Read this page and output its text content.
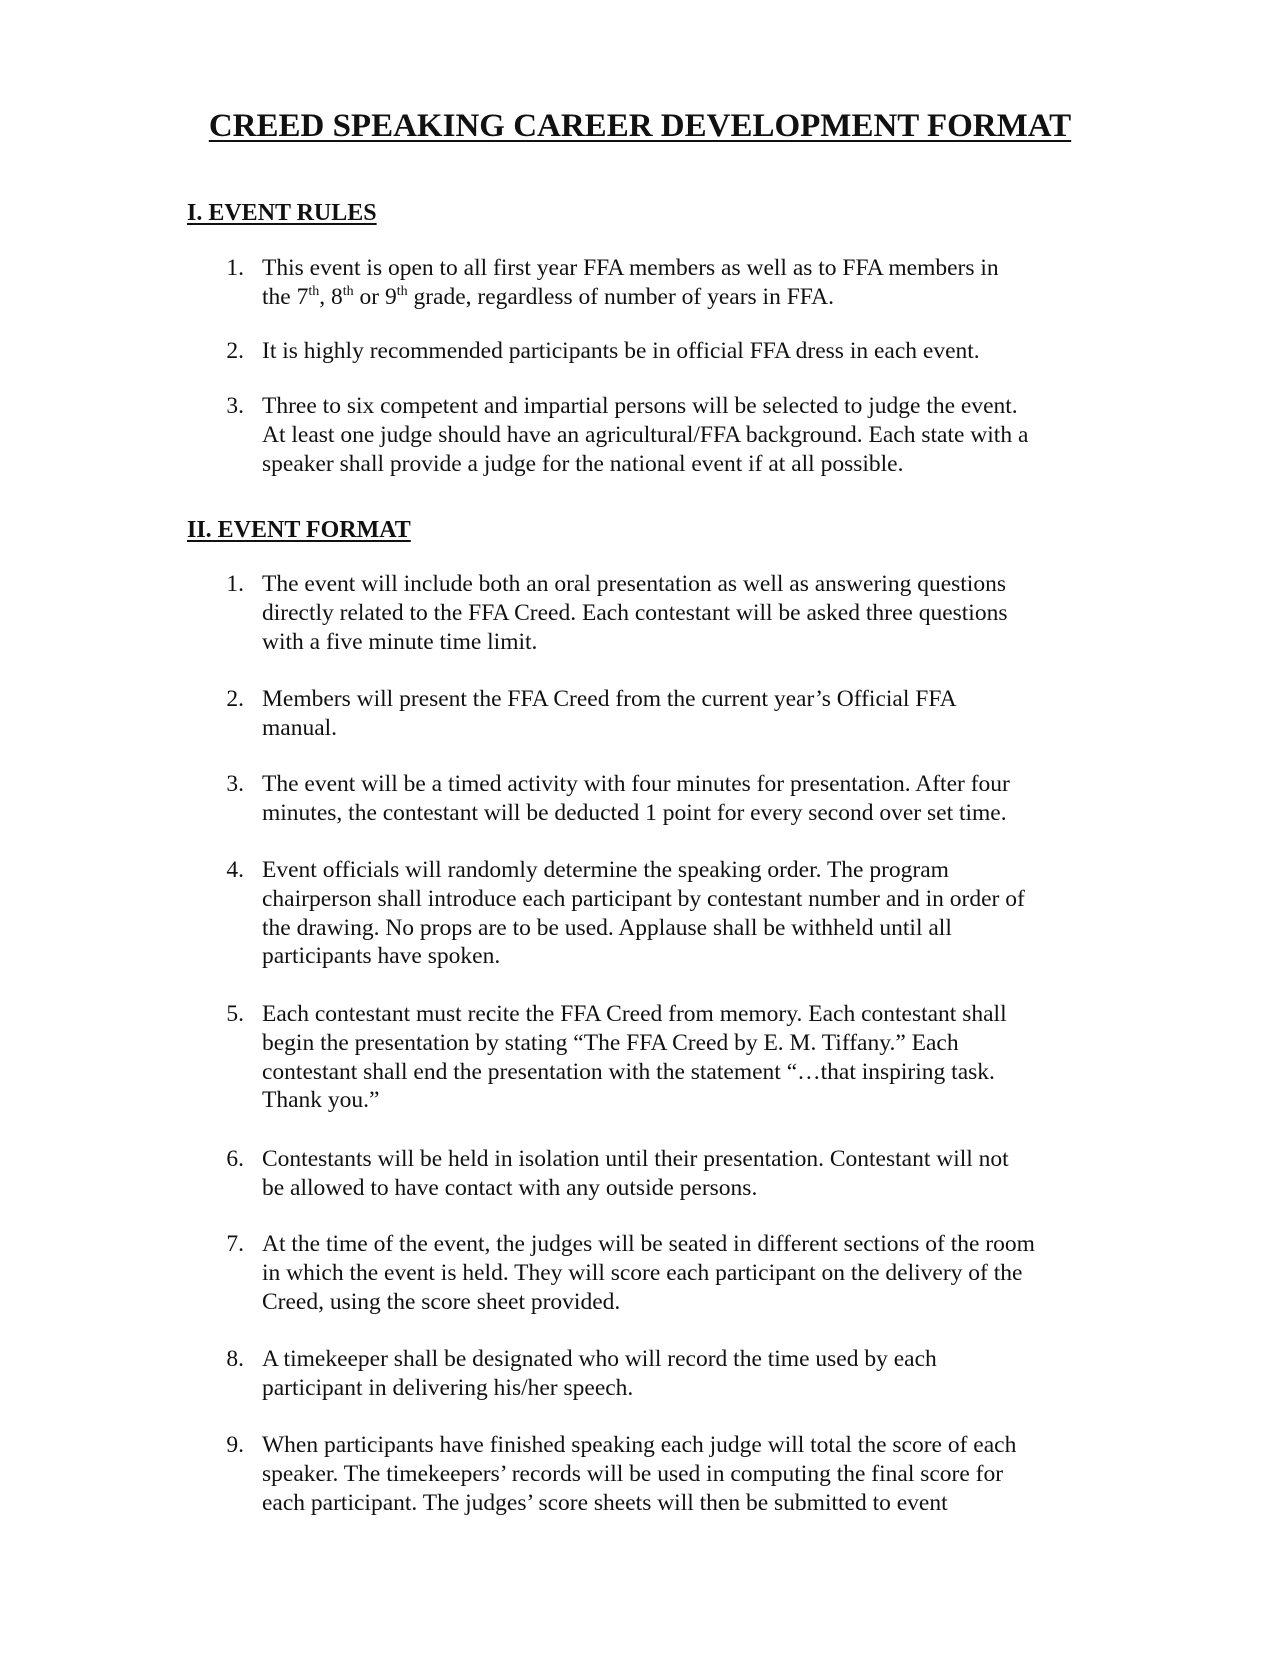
CREED SPEAKING CAREER DEVELOPMENT FORMAT
I. EVENT RULES
1. This event is open to all first year FFA members as well as to FFA members in
the 7th, 8th or 9th grade, regardless of number of years in FFA.
2. It is highly recommended participants be in official FFA dress in each event.
3. Three to six competent and impartial persons will be selected to judge the event.
At least one judge should have an agricultural/FFA background. Each state with a
speaker shall provide a judge for the national event if at all possible.
II. EVENT FORMAT
1. The event will include both an oral presentation as well as answering questions
directly related to the FFA Creed. Each contestant will be asked three questions
with a five minute time limit.
2. Members will present the FFA Creed from the current year’s Official FFA
manual.
3. The event will be a timed activity with four minutes for presentation. After four
minutes, the contestant will be deducted 1 point for every second over set time.
4. Event officials will randomly determine the speaking order. The program
chairperson shall introduce each participant by contestant number and in order of
the drawing. No props are to be used. Applause shall be withheld until all
participants have spoken.
5. Each contestant must recite the FFA Creed from memory. Each contestant shall
begin the presentation by stating “The FFA Creed by E. M. Tiffany.” Each
contestant shall end the presentation with the statement “…that inspiring task.
Thank you.”
6. Contestants will be held in isolation until their presentation. Contestant will not
be allowed to have contact with any outside persons.
7. At the time of the event, the judges will be seated in different sections of the room
in which the event is held. They will score each participant on the delivery of the
Creed, using the score sheet provided.
8. A timekeeper shall be designated who will record the time used by each
participant in delivering his/her speech.
9. When participants have finished speaking each judge will total the score of each
speaker. The timekeepers’ records will be used in computing the final score for
each participant. The judges’ score sheets will then be submitted to event
